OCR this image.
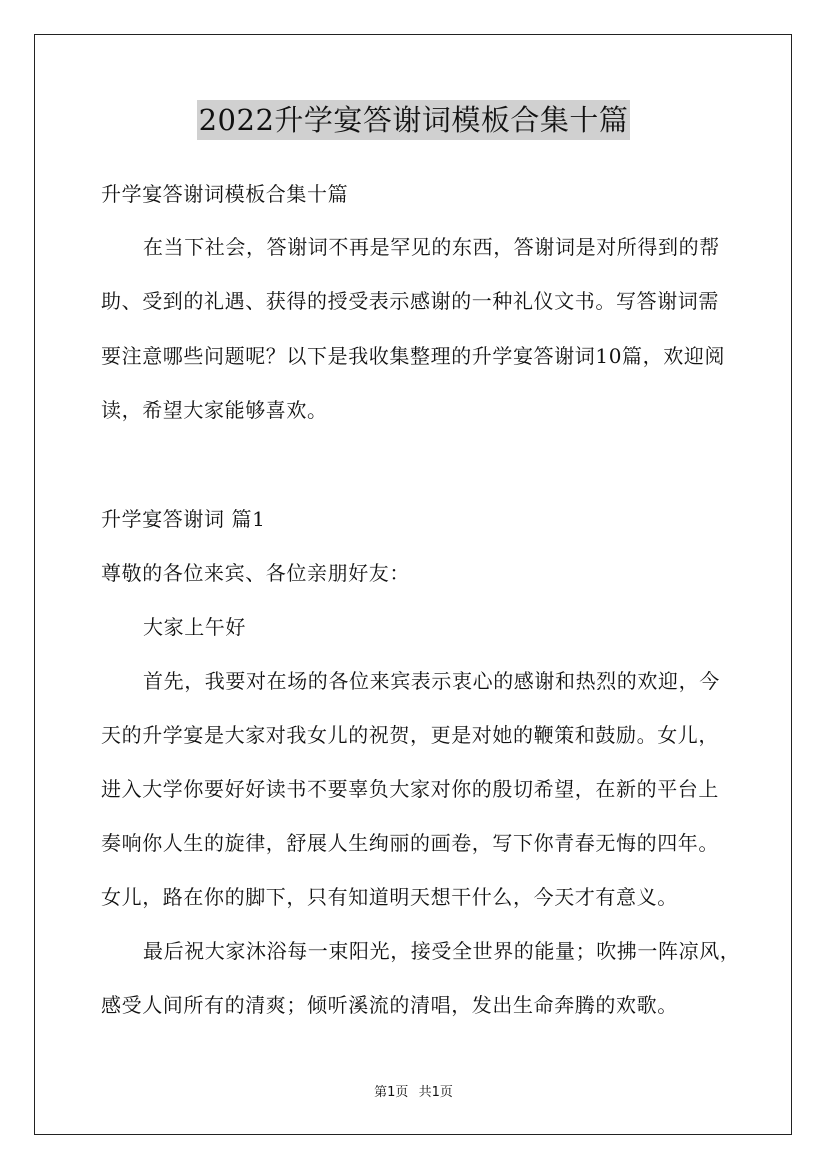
2022升学宴答谢词模板合集十篇
升学宴答谢词模板合集十篇
在当下社会，答谢词不再是罕见的东西，答谢词是对所得到的帮
助、受到的礼遇、获得的授受表示感谢的一种礼仪文书。写答谢词需
要注意哪些问题呢？以下是我收集整理的升学宴答谢词10篇，欢迎阅
读，希望大家能够喜欢。
升学宴答谢词 篇1
尊敬的各位来宾、各位亲朋好友：
大家上午好
首先，我要对在场的各位来宾表示衷心的感谢和热烈的欢迎，今
天的升学宴是大家对我女儿的祝贺，更是对她的鞭策和鼓励。女儿，
进入大学你要好好读书不要辜负大家对你的殷切希望，在新的平台上
奏响你人生的旋律，舒展人生绚丽的画卷，写下你青春无悔的四年。
女儿，路在你的脚下，只有知道明天想干什么，今天才有意义。
最后祝大家沐浴每一束阳光，接受全世界的能量；吹拂一阵凉风，
感受人间所有的清爽；倾听溪流的清唱，发出生命奔腾的欢歌。
第1页 共1页
